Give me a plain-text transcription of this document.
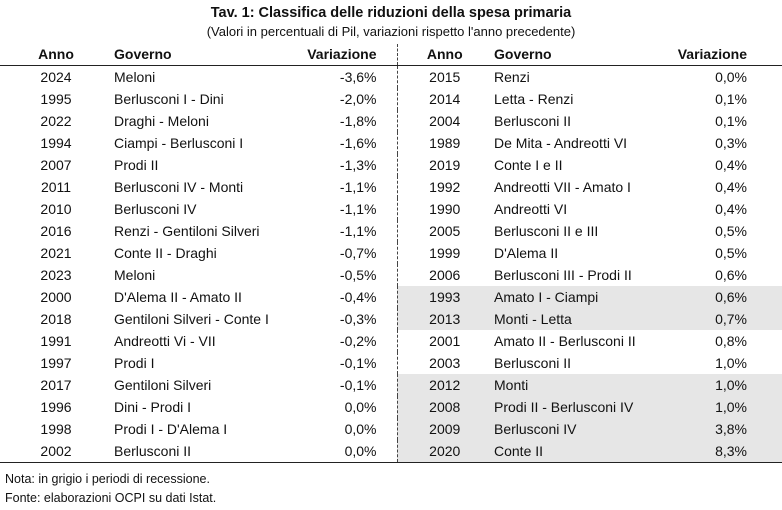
Tav. 1: Classifica delle riduzioni della spesa primaria
(Valori in percentuali di Pil, variazioni rispetto l'anno precedente)
Anno	Governo	Variazione	Anno	Governo	Variazione
2024	Meloni	-3,6%	2015	Renzi	0,0%
1995	Berlusconi I - Dini	-2,0%	2014	Letta - Renzi	0,1%
2022	Draghi - Meloni	-1,8%	2004	Berlusconi II	0,1%
1994	Ciampi - Berlusconi I	-1,6%	1989	De Mita - Andreotti VI	0,3%
2007	Prodi II	-1,3%	2019	Conte I e II	0,4%
2011	Berlusconi IV - Monti	-1,1%	1992	Andreotti VII - Amato I	0,4%
2010	Berlusconi IV	-1,1%	1990	Andreotti VI	0,4%
2016	Renzi - Gentiloni Silveri	-1,1%	2005	Berlusconi II e III	0,5%
2021	Conte II - Draghi	-0,7%	1999	D'Alema II	0,5%
2023	Meloni	-0,5%	2006	Berlusconi III - Prodi II	0,6%
2000	D'Alema II - Amato II	-0,4%	1993	Amato I - Ciampi	0,6%
2018	Gentiloni Silveri - Conte I	-0,3%	2013	Monti - Letta	0,7%
1991	Andreotti Vi - VII	-0,2%	2001	Amato II - Berlusconi II	0,8%
1997	Prodi I	-0,1%	2003	Berlusconi II	1,0%
2017	Gentiloni Silveri	-0,1%	2012	Monti	1,0%
1996	Dini - Prodi I	0,0%	2008	Prodi II - Berlusconi IV	1,0%
1998	Prodi I - D'Alema I	0,0%	2009	Berlusconi IV	3,8%
2002	Berlusconi II	0,0%	2020	Conte II	8,3%
Nota: in grigio i periodi di recessione.
Fonte: elaborazioni OCPI su dati Istat.
